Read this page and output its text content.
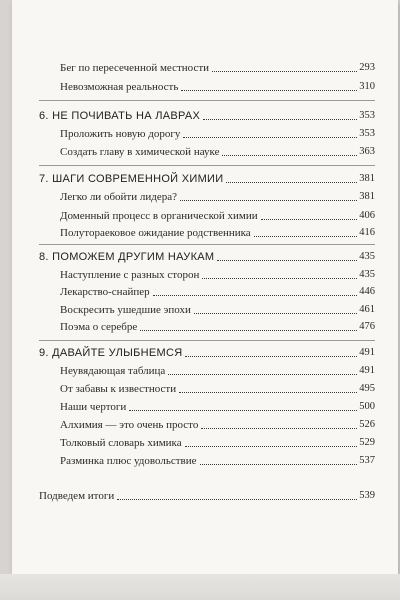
Бег по пересеченной местности	293
Невозможная реальность	310
6. НЕ ПОЧИВАТЬ НА ЛАВРАХ	353
Проложить новую дорогу	353
Создать главу в химической науке	363
7. ШАГИ СОВРЕМЕННОЙ ХИМИИ	381
Легко ли обойти лидера?	381
Доменный процесс в органической химии	406
Полутораековое ожидание родственника	416
8. ПОМОЖЕМ ДРУГИМ НАУКАМ	435
Наступление с разных сторон	435
Лекарство-снайпер	446
Воскресить ушедшие эпохи	461
Поэма о серебре	476
9. ДАВАЙТЕ УЛЫБНЕМСЯ	491
Неувядающая таблица	491
От забавы к известности	495
Наши чертоги	500
Алхимия — это очень просто	526
Толковый словарь химика	529
Разминка плюс удовольствие	537
Подведем итоги	539
